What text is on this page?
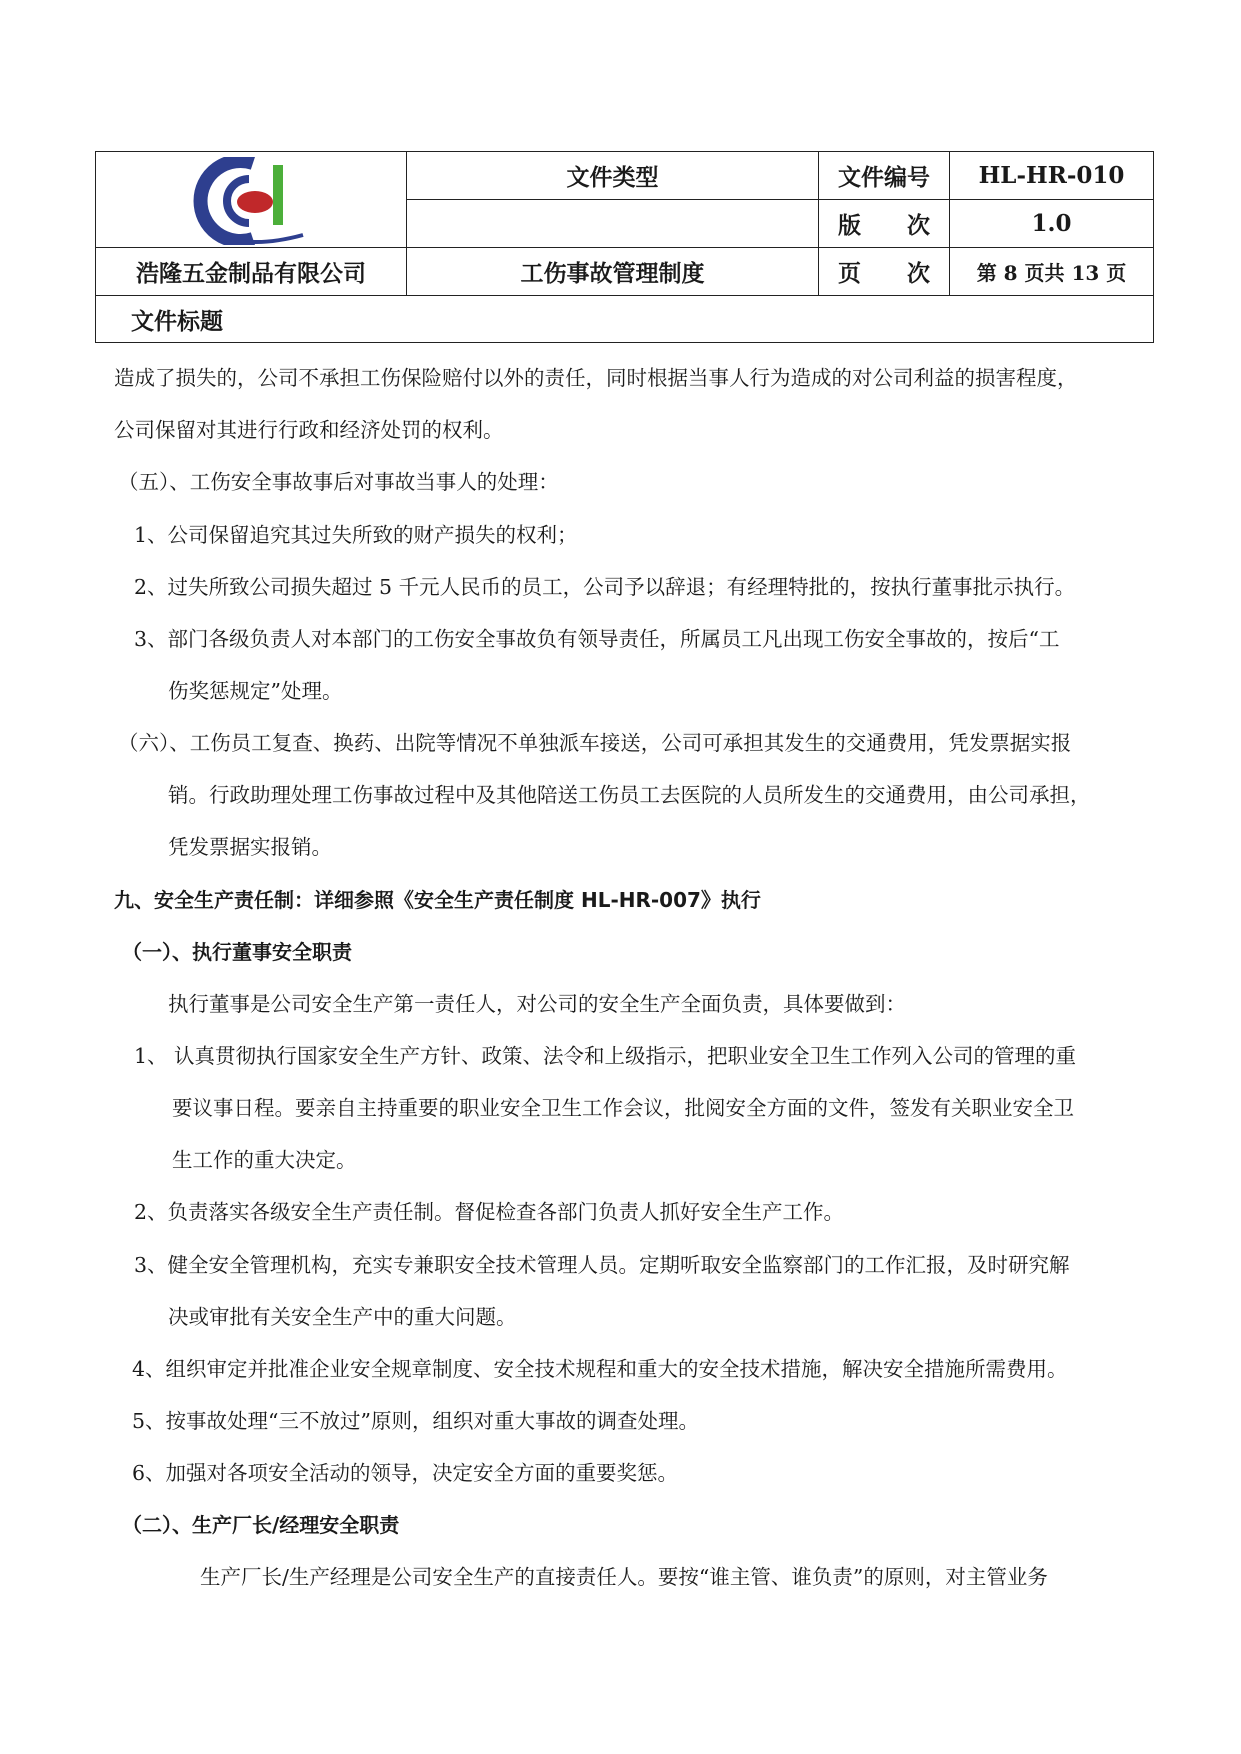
	文件类型	文件编号	HL-HR-010
		版　　次	1.0
浩隆五金制品有限公司	工伤事故管理制度	页　　次	第 8 页共 13 页
文件标题			
造成了损失的，公司不承担工伤保险赔付以外的责任，同时根据当事人行为造成的对公司利益的损害程度，
公司保留对其进行行政和经济处罚的权利。
（五）、工伤安全事故事后对事故当事人的处理：
1、公司保留追究其过失所致的财产损失的权利；
2、过失所致公司损失超过 5 千元人民币的员工，公司予以辞退；有经理特批的，按执行董事批示执行。
3、部门各级负责人对本部门的工伤安全事故负有领导责任，所属员工凡出现工伤安全事故的，按后“工
伤奖惩规定”处理。
（六）、工伤员工复查、换药、出院等情况不单独派车接送，公司可承担其发生的交通费用，凭发票据实报
销。行政助理处理工伤事故过程中及其他陪送工伤员工去医院的人员所发生的交通费用，由公司承担，
凭发票据实报销。
九、安全生产责任制：详细参照《安全生产责任制度 HL-HR-007》执行
（一）、执行董事安全职责
执行董事是公司安全生产第一责任人，对公司的安全生产全面负责，具体要做到：
1、 认真贯彻执行国家安全生产方针、政策、法令和上级指示，把职业安全卫生工作列入公司的管理的重
要议事日程。要亲自主持重要的职业安全卫生工作会议，批阅安全方面的文件，签发有关职业安全卫
生工作的重大决定。
2、负责落实各级安全生产责任制。督促检查各部门负责人抓好安全生产工作。
3、健全安全管理机构，充实专兼职安全技术管理人员。定期听取安全监察部门的工作汇报，及时研究解
决或审批有关安全生产中的重大问题。
4、组织审定并批准企业安全规章制度、安全技术规程和重大的安全技术措施，解决安全措施所需费用。
5、按事故处理“三不放过”原则，组织对重大事故的调查处理。
6、加强对各项安全活动的领导，决定安全方面的重要奖惩。
（二）、生产厂长/经理安全职责
生产厂长/生产经理是公司安全生产的直接责任人。要按“谁主管、谁负责”的原则，对主管业务
